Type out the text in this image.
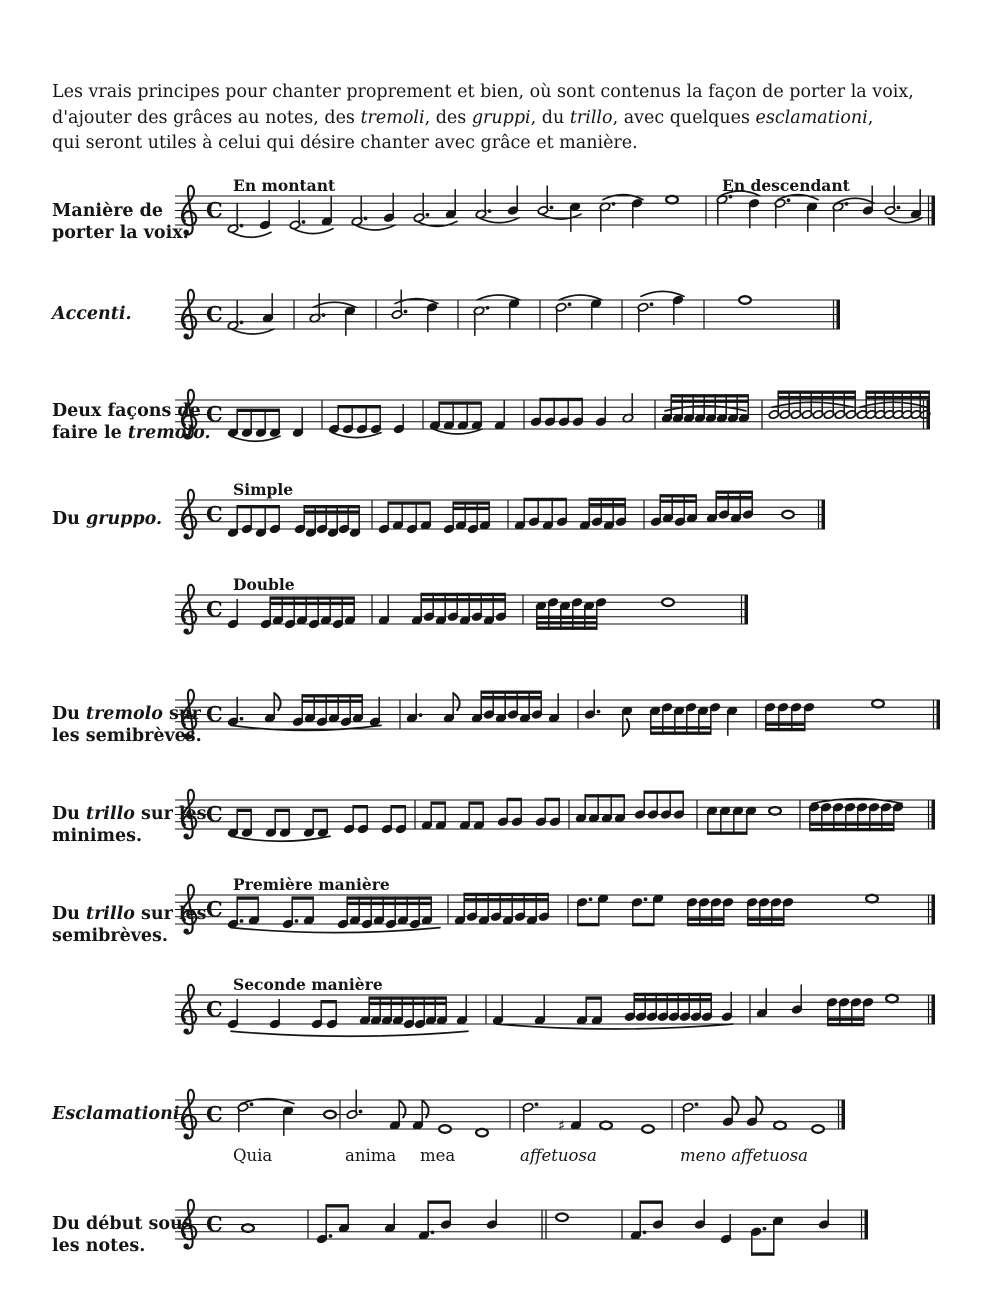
Les vrais principes pour chanter proprement et bien, où sont contenus la façon de porter la voix,
d'ajouter des grâces au notes, des tremoli, des gruppi, du trillo, avec quelques esclamationi,
qui seront utiles à celui qui désire chanter avec grâce et manière.
C
C
C
C
C
C
C
C
C
C	♯
C
Manière de
porter la voix.
En montant	En descendant
Accenti.
Deux façons de
faire le tremolo.
Du gruppo.
Simple
Double
Du tremolo sur
les semibrèves.
Du trillo sur les
minimes.
Du trillo sur les
semibrèves.
Première manière
Seconde manière
Esclamationi.
Quia	anima mea	affetuosa	meno affetuosa
Du début sous
les notes.
